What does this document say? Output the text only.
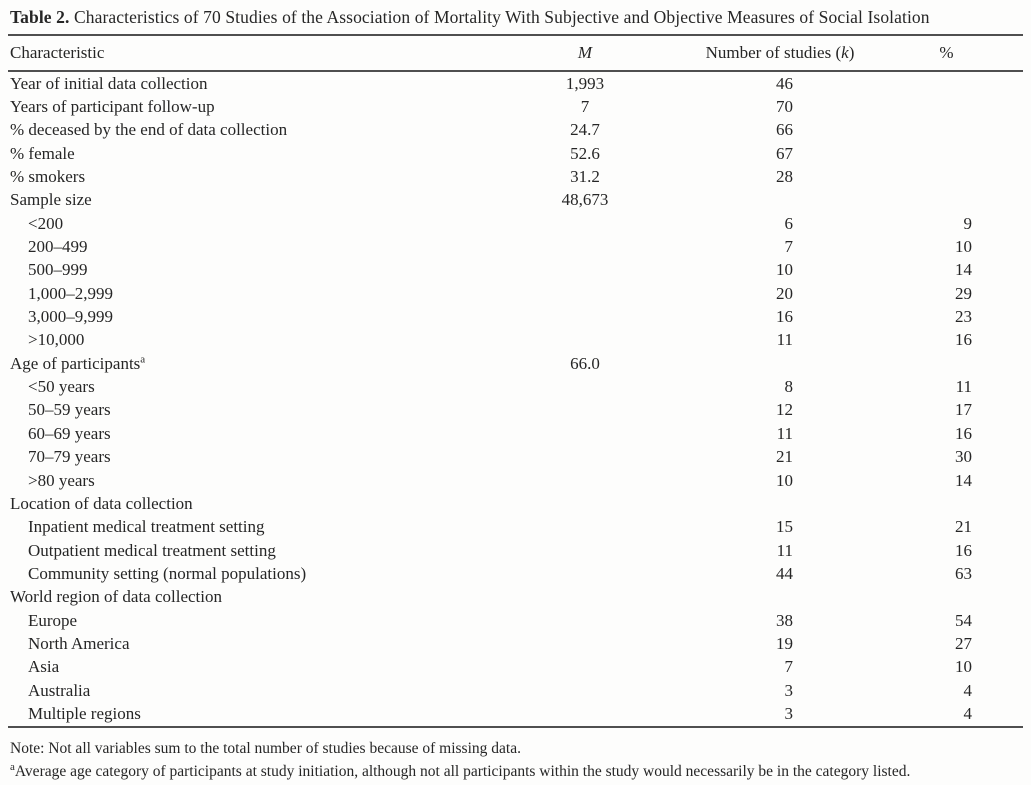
Table 2. Characteristics of 70 Studies of the Association of Mortality With Subjective and Objective Measures of Social Isolation
Characteristic	M	Number of studies (k)	%
Year of initial data collection	1,993	46	
Years of participant follow-up	7	70	
% deceased by the end of data collection	24.7	66	
% female	52.6	67	
% smokers	31.2	28	
Sample size	48,673		
<200		6	9
200–499		7	10
500–999		10	14
1,000–2,999		20	29
3,000–9,999		16	23
>10,000		11	16
Age of participants$^a$	66.0		
<50 years		8	11
50–59 years		12	17
60–69 years		11	16
70–79 years		21	30
>80 years		10	14
Location of data collection			
Inpatient medical treatment setting		15	21
Outpatient medical treatment setting		11	16
Community setting (normal populations)		44	63
World region of data collection			
Europe		38	54
North America		19	27
Asia		7	10
Australia		3	4
Multiple regions		3	4
Note: Not all variables sum to the total number of studies because of missing data.
$^a$Average age category of participants at study initiation, although not all participants within the study would necessarily be in the category listed.
